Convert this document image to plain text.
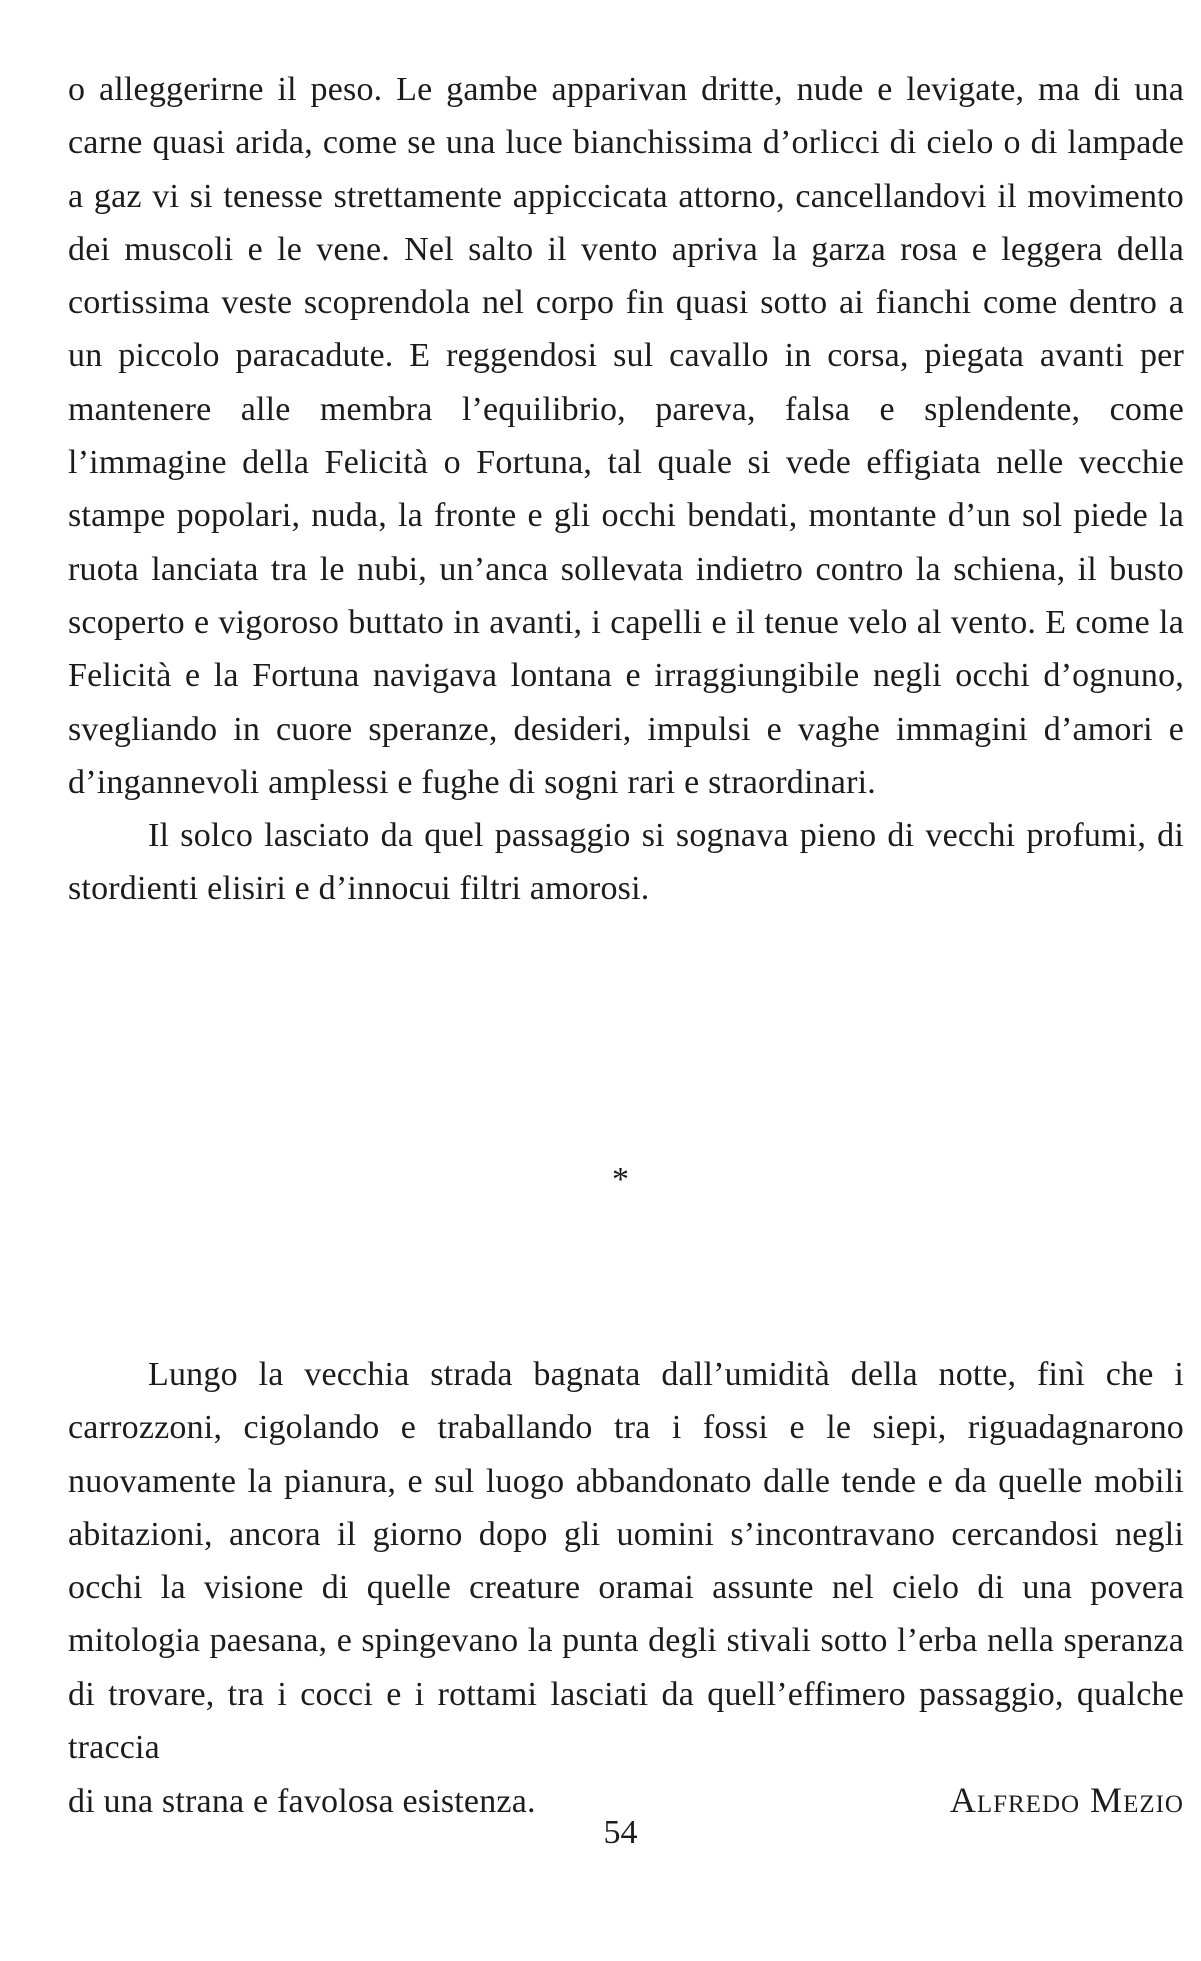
o alleggerirne il peso. Le gambe apparivan dritte, nude e levigate, ma di una carne quasi arida, come se una luce bianchissima d’orlicci di cielo o di lampade a gaz vi si tenesse strettamente appiccicata attorno, cancellandovi il movimento dei muscoli e le vene. Nel salto il vento apriva la garza rosa e leggera della cortissima veste scoprendola nel corpo fin quasi sotto ai fianchi come dentro a un piccolo paracadute. E reggendosi sul cavallo in corsa, piegata avanti per mantenere alle membra l’equilibrio, pareva, falsa e splendente, come l’immagine della Felicità o Fortuna, tal quale si vede effigiata nelle vecchie stampe popolari, nuda, la fronte e gli occhi bendati, montante d’un sol piede la ruota lanciata tra le nubi, un’anca sollevata indietro contro la schiena, il busto scoperto e vigoroso buttato in avanti, i capelli e il tenue velo al vento. E come la Felicità e la Fortuna navigava lontana e irraggiungibile negli occhi d’ognuno, svegliando in cuore speranze, desideri, impulsi e vaghe immagini d’amori e d’ingannevoli amplessi e fughe di sogni rari e straordinari.

Il solco lasciato da quel passaggio si sognava pieno di vecchi profumi, di stordienti elisiri e d’innocui filtri amorosi.

*

Lungo la vecchia strada bagnata dall’umidità della notte, finì che i carrozzoni, cigolando e traballando tra i fossi e le siepi, riguadagnarono nuovamente la pianura, e sul luogo abbandonato dalle tende e da quelle mobili abitazioni, ancora il giorno dopo gli uomini s’incontravano cercandosi negli occhi la visione di quelle creature oramai assunte nel cielo di una povera mitologia paesana, e spingevano la punta degli stivali sotto l’erba nella speranza di trovare, tra i cocci e i rottami lasciati da quell’effimero passaggio, qualche traccia

di una strana e favolosa esistenza.	Alfredo Mezio
54
